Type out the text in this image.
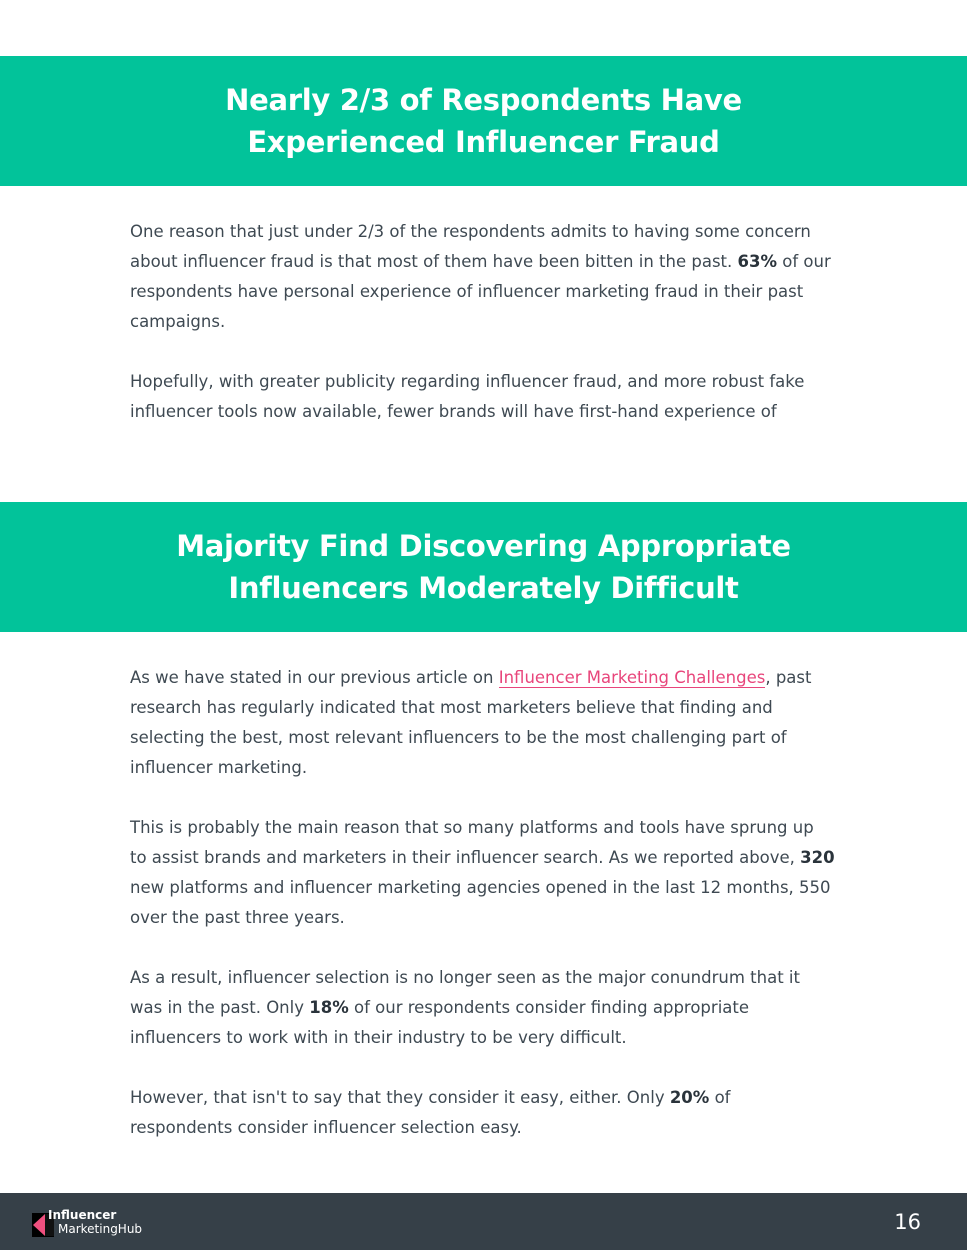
Nearly 2/3 of Respondents Have Experienced Influencer Fraud

One reason that just under 2/3 of the respondents admits to having some concern about influencer fraud is that most of them have been bitten in the past. 63% of our respondents have personal experience of influencer marketing fraud in their past campaigns.

Hopefully, with greater publicity regarding influencer fraud, and more robust fake influencer tools now available, fewer brands will have first-hand experience of

Majority Find Discovering Appropriate Influencers Moderately Difficult

As we have stated in our previous article on Influencer Marketing Challenges, past research has regularly indicated that most marketers believe that finding and selecting the best, most relevant influencers to be the most challenging part of influencer marketing.

This is probably the main reason that so many platforms and tools have sprung up to assist brands and marketers in their influencer search. As we reported above, 320 new platforms and influencer marketing agencies opened in the last 12 months, 550 over the past three years.

As a result, influencer selection is no longer seen as the major conundrum that it was in the past. Only 18% of our respondents consider finding appropriate influencers to work with in their industry to be very difficult.

However, that isn't to say that they consider it easy, either. Only 20% of respondents consider influencer selection easy.

Influencer
MarketingHub	16
